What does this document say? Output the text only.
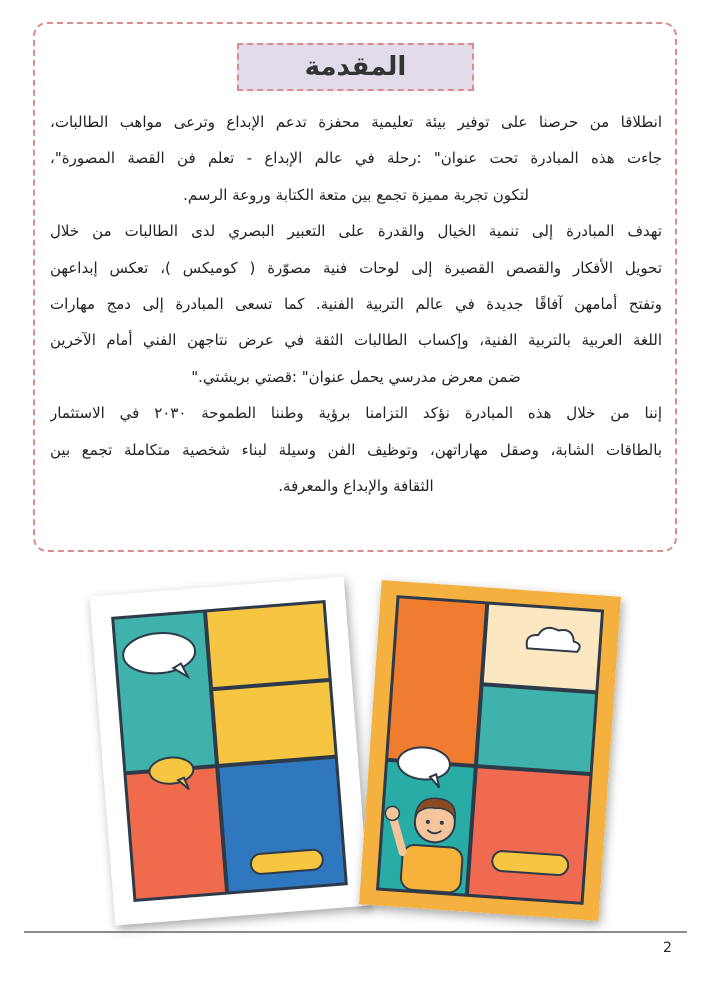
المقدمة
انطلاقا من حرصنا على توفير بيئة تعليمية محفزة تدعم الإبداع وترعى مواهب الطالبات،
جاءت هذه المبادرة تحت عنوان" :رحلة في عالم الإبداع - تعلم فن القصة المصورة"،
لتكون تجربة مميزة تجمع بين متعة الكتابة وروعة الرسم.
تهدف المبادرة إلى تنمية الخيال والقدرة على التعبير البصري لدى الطالبات من خلال
تحويل الأفكار والقصص القصيرة إلى لوحات فنية مصوّرة ( كوميكس )، تعكس إبداعهن
وتفتح أمامهن آفاقًا جديدة في عالم التربية الفنية. كما تسعى المبادرة إلى دمج مهارات
اللغة العربية بالتربية الفنية، وإكساب الطالبات الثقة في عرض نتاجهن الفني أمام الآخرين
ضمن معرض مدرسي يحمل عنوان" :قصتي بريشتي."
إننا من خلال هذه المبادرة نؤكد التزامنا برؤية وطننا الطموحة ٢٠٣٠ في الاستثمار
بالطاقات الشابة، وصقل مهاراتهن، وتوظيف الفن وسيلة لبناء شخصية متكاملة تجمع بين
الثقافة والإبداع والمعرفة.
2
